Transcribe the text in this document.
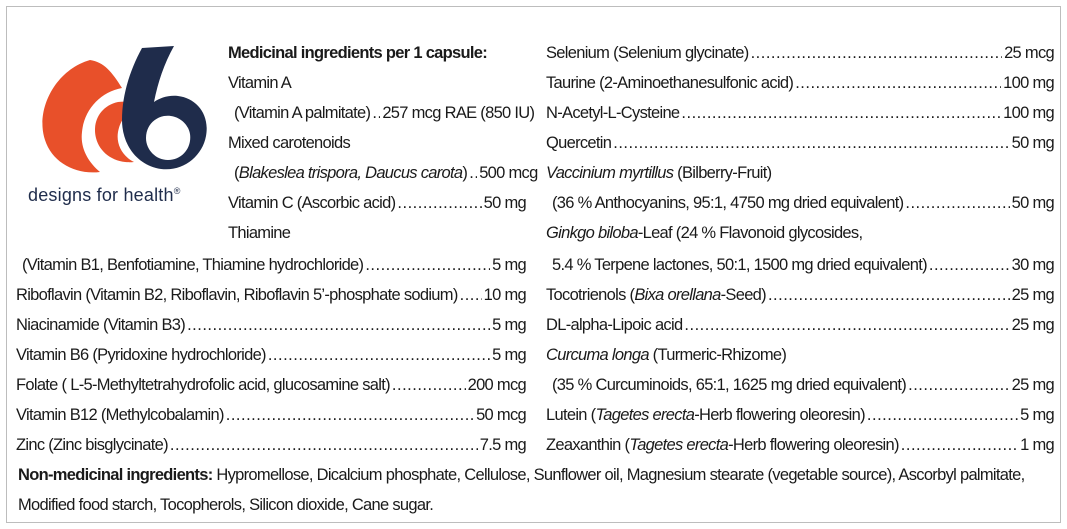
designs for health®
Medicinal ingredients per 1 capsule:
Vitamin A
(Vitamin A palmitate) ..... 257 mcg RAE (850 IU)
Mixed carotenoids
(Blakeslea trispora, Daucus carota) ..... 500 mcg
Vitamin C (Ascorbic acid) .....	50 mg
Thiamine
(Vitamin B1, Benfotiamine, Thiamine hydrochloride) .....	5 mg
Riboflavin (Vitamin B2, Riboflavin, Riboflavin 5’-phosphate sodium) ..... 10 mg
Niacinamide (Vitamin B3) .....	5 mg
Vitamin B6 (Pyridoxine hydrochloride) .....	5 mg
Folate ( L-5-Methyltetrahydrofolic acid, glucosamine salt) .....	200 mcg
Vitamin B12 (Methylcobalamin) .....	50 mcg
Zinc (Zinc bisglycinate) .....	7.5 mg
Selenium (Selenium glycinate) .....	25 mcg
Taurine (2-Aminoethanesulfonic acid) .....	100 mg
N-Acetyl-L-Cysteine .....	100 mg
Quercetin .....	50 mg
Vaccinium myrtillus (Bilberry-Fruit)
(36 % Anthocyanins, 95:1, 4750 mg dried equivalent) .....	50 mg
Ginkgo biloba-Leaf (24 % Flavonoid glycosides,
5.4 % Terpene lactones, 50:1, 1500 mg dried equivalent) .....	30 mg
Tocotrienols (Bixa orellana-Seed) .....	25 mg
DL-alpha-Lipoic acid .....	25 mg
Curcuma longa (Turmeric-Rhizome)
(35 % Curcuminoids, 65:1, 1625 mg dried equivalent) .....	25 mg
Lutein (Tagetes erecta-Herb flowering oleoresin) .....	5 mg
Zeaxanthin (Tagetes erecta-Herb flowering oleoresin) .....	1 mg
Non-medicinal ingredients: Hypromellose, Dicalcium phosphate, Cellulose, Sunflower oil, Magnesium stearate (vegetable source), Ascorbyl palmitate, Modified food starch, Tocopherols, Silicon dioxide, Cane sugar.
